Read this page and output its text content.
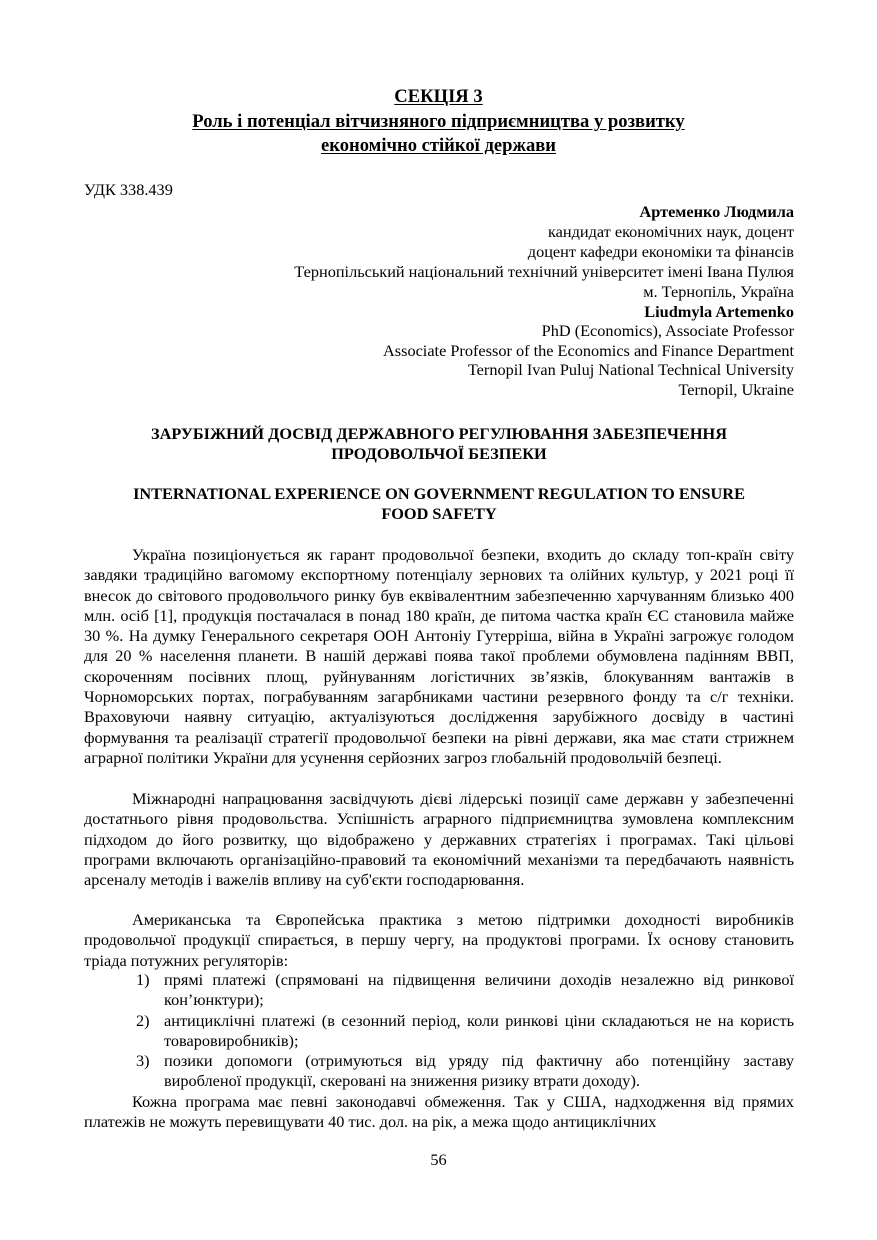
СЕКЦІЯ 3
Роль і потенціал вітчизняного підприємництва у розвитку
економічно стійкої держави
УДК 338.439
Артеменко Людмила
кандидат економічних наук, доцент
доцент кафедри економіки та фінансів
Тернопільський національний технічний університет імені Івана Пулюя
м. Тернопіль, Україна
Liudmyla Artemenko
PhD (Economics), Associate Professor
Associate Professor of the Economics and Finance Department
Ternopil Ivan Puluj National Technical University
Ternopil, Ukraine
ЗАРУБІЖНИЙ ДОСВІД ДЕРЖАВНОГО РЕГУЛЮВАННЯ ЗАБЕЗПЕЧЕННЯ
ПРОДОВОЛЬЧОЇ БЕЗПЕКИ
INTERNATIONAL EXPERIENCE ON GOVERNMENT REGULATION TO ENSURE
FOOD SAFETY
Україна позиціонується як гарант продовольчої безпеки, входить до складу топ-країн світу завдяки традиційно вагомому експортному потенціалу зернових та олійних культур, у 2021 році її внесок до світового продовольчого ринку був еквівалентним забезпеченню харчуванням близько 400 млн. осіб [1], продукція постачалася в понад 180 країн, де питома частка країн ЄС становила майже 30 %. На думку Генерального секретаря ООН Антоніу Гутерріша, війна в Україні загрожує голодом для 20 % населення планети. В нашій державі поява такої проблеми обумовлена падінням ВВП, скороченням посівних площ, руйнуванням логістичних зв’язків, блокуванням вантажів в Чорноморських портах, пограбуванням загарбниками частини резервного фонду та с/г техніки. Враховуючи наявну ситуацію, актуалізуються дослідження зарубіжного досвіду в частині формування та реалізації стратегії продовольчої безпеки на рівні держави, яка має стати стрижнем аграрної політики України для усунення серйозних загроз глобальній продовольчій безпеці.
Міжнародні напрацювання засвідчують дієві лідерські позиції саме державн у забезпеченні достатнього рівня продовольства. Успішність аграрного підприємництва зумовлена комплексним підходом до його розвитку, що відображено у державних стратегіях і програмах. Такі цільові програми включають організаційно-правовий та економічний механізми та передбачають наявність арсеналу методів і важелів впливу на суб'єкти господарювання.
Американська та Європейська практика з метою підтримки доходності виробників продовольчої продукції спирається, в першу чергу, на продуктові програми. Їх основу становить тріада потужних регуляторів:
1) прямі платежі (спрямовані на підвищення величини доходів незалежно від ринкової кон’юнктури);
2) антициклічні платежі (в сезонний період, коли ринкові ціни складаються не на користь товаровиробників);
3) позики допомоги (отримуються від уряду під фактичну або потенційну заставу виробленої продукції, скеровані на зниження ризику втрати доходу).
Кожна програма має певні законодавчі обмеження. Так у США, надходження від прямих платежів не можуть перевищувати 40 тис. дол. на рік, а межа щодо антициклічних
56
